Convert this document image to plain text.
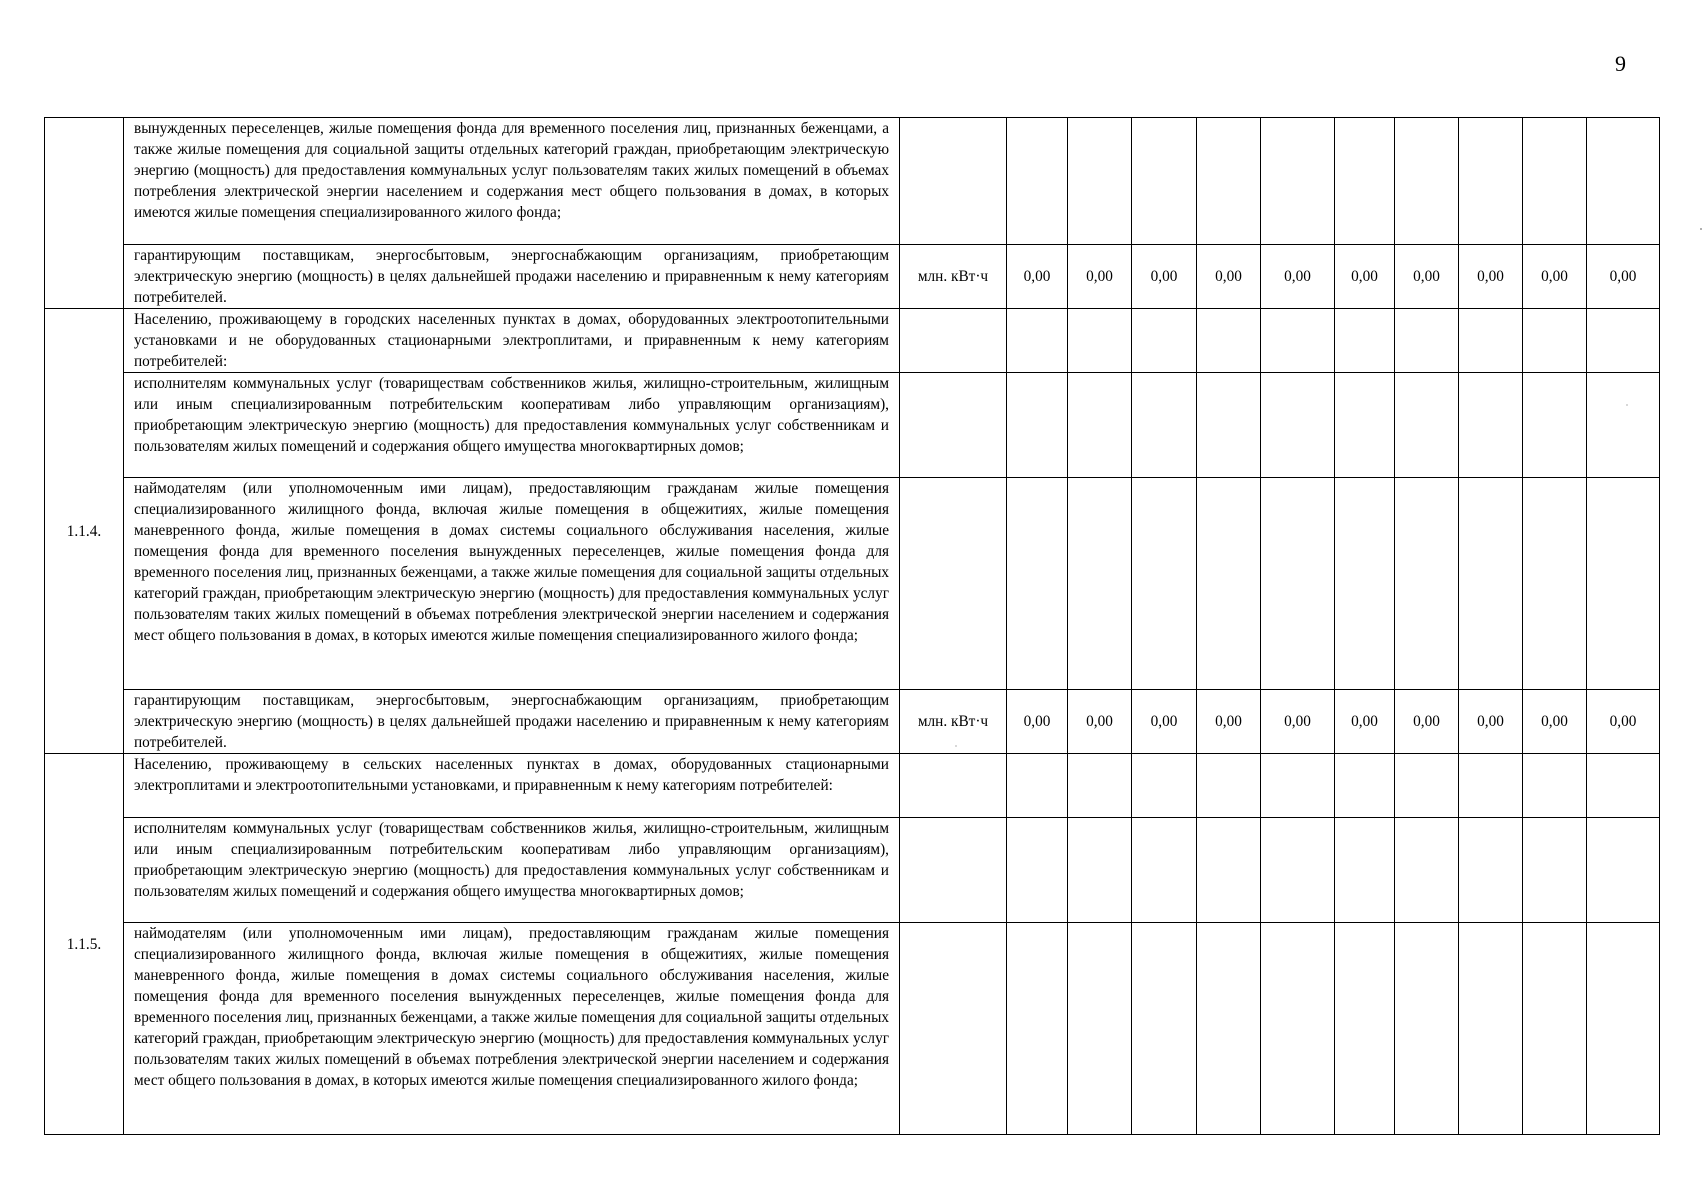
9
	вынужденных переселенцев, жилые помещения фонда для временного поселения лиц, признанных беженцами, а также жилые помещения для социальной защиты отдельных категорий граждан, приобретающим электрическую энергию (мощность) для предоставления коммунальных услуг пользователям таких жилых помещений в объемах потребления электрической энергии населением и содержания мест общего пользования в домах, в которых имеются жилые помещения специализированного жилого фонда;											
	гарантирующим поставщикам, энергосбытовым, энергоснабжающим организациям, приобретающим электрическую энергию (мощность) в целях дальнейшей продажи населению и приравненным к нему категориям потребителей.	млн. кВт·ч	0,00	0,00	0,00	0,00	0,00	0,00	0,00	0,00	0,00	0,00
1.1.4.	Населению, проживающему в городских населенных пунктах в домах, оборудованных электроотопительными установками и не оборудованных стационарными электроплитами, и приравненным к нему категориям потребителей:											
	исполнителям коммунальных услуг (товариществам собственников жилья, жилищно-строительным, жилищным или иным специализированным потребительским кооперативам либо управляющим организациям), приобретающим электрическую энергию (мощность) для предоставления коммунальных услуг собственникам и пользователям жилых помещений и содержания общего имущества многоквартирных домов;											
	наймодателям (или уполномоченным ими лицам), предоставляющим гражданам жилые помещения специализированного жилищного фонда, включая жилые помещения в общежитиях, жилые помещения маневренного фонда, жилые помещения в домах системы социального обслуживания населения, жилые помещения фонда для временного поселения вынужденных переселенцев, жилые помещения фонда для временного поселения лиц, признанных беженцами, а также жилые помещения для социальной защиты отдельных категорий граждан, приобретающим электрическую энергию (мощность) для предоставления коммунальных услуг пользователям таких жилых помещений в объемах потребления электрической энергии населением и содержания мест общего пользования в домах, в которых имеются жилые помещения специализированного жилого фонда;											
	гарантирующим поставщикам, энергосбытовым, энергоснабжающим организациям, приобретающим электрическую энергию (мощность) в целях дальнейшей продажи населению и приравненным к нему категориям потребителей.	млн. кВт·ч	0,00	0,00	0,00	0,00	0,00	0,00	0,00	0,00	0,00	0,00
1.1.5.	Населению, проживающему в сельских населенных пунктах в домах, оборудованных стационарными электроплитами и электроотопительными установками, и приравненным к нему категориям потребителей:											
	исполнителям коммунальных услуг (товариществам собственников жилья, жилищно-строительным, жилищным или иным специализированным потребительским кооперативам либо управляющим организациям), приобретающим электрическую энергию (мощность) для предоставления коммунальных услуг собственникам и пользователям жилых помещений и содержания общего имущества многоквартирных домов;											
	наймодателям (или уполномоченным ими лицам), предоставляющим гражданам жилые помещения специализированного жилищного фонда, включая жилые помещения в общежитиях, жилые помещения маневренного фонда, жилые помещения в домах системы социального обслуживания населения, жилые помещения фонда для временного поселения вынужденных переселенцев, жилые помещения фонда для временного поселения лиц, признанных беженцами, а также жилые помещения для социальной защиты отдельных категорий граждан, приобретающим электрическую энергию (мощность) для предоставления коммунальных услуг пользователям таких жилых помещений в объемах потребления электрической энергии населением и содержания мест общего пользования в домах, в которых имеются жилые помещения специализированного жилого фонда;											
